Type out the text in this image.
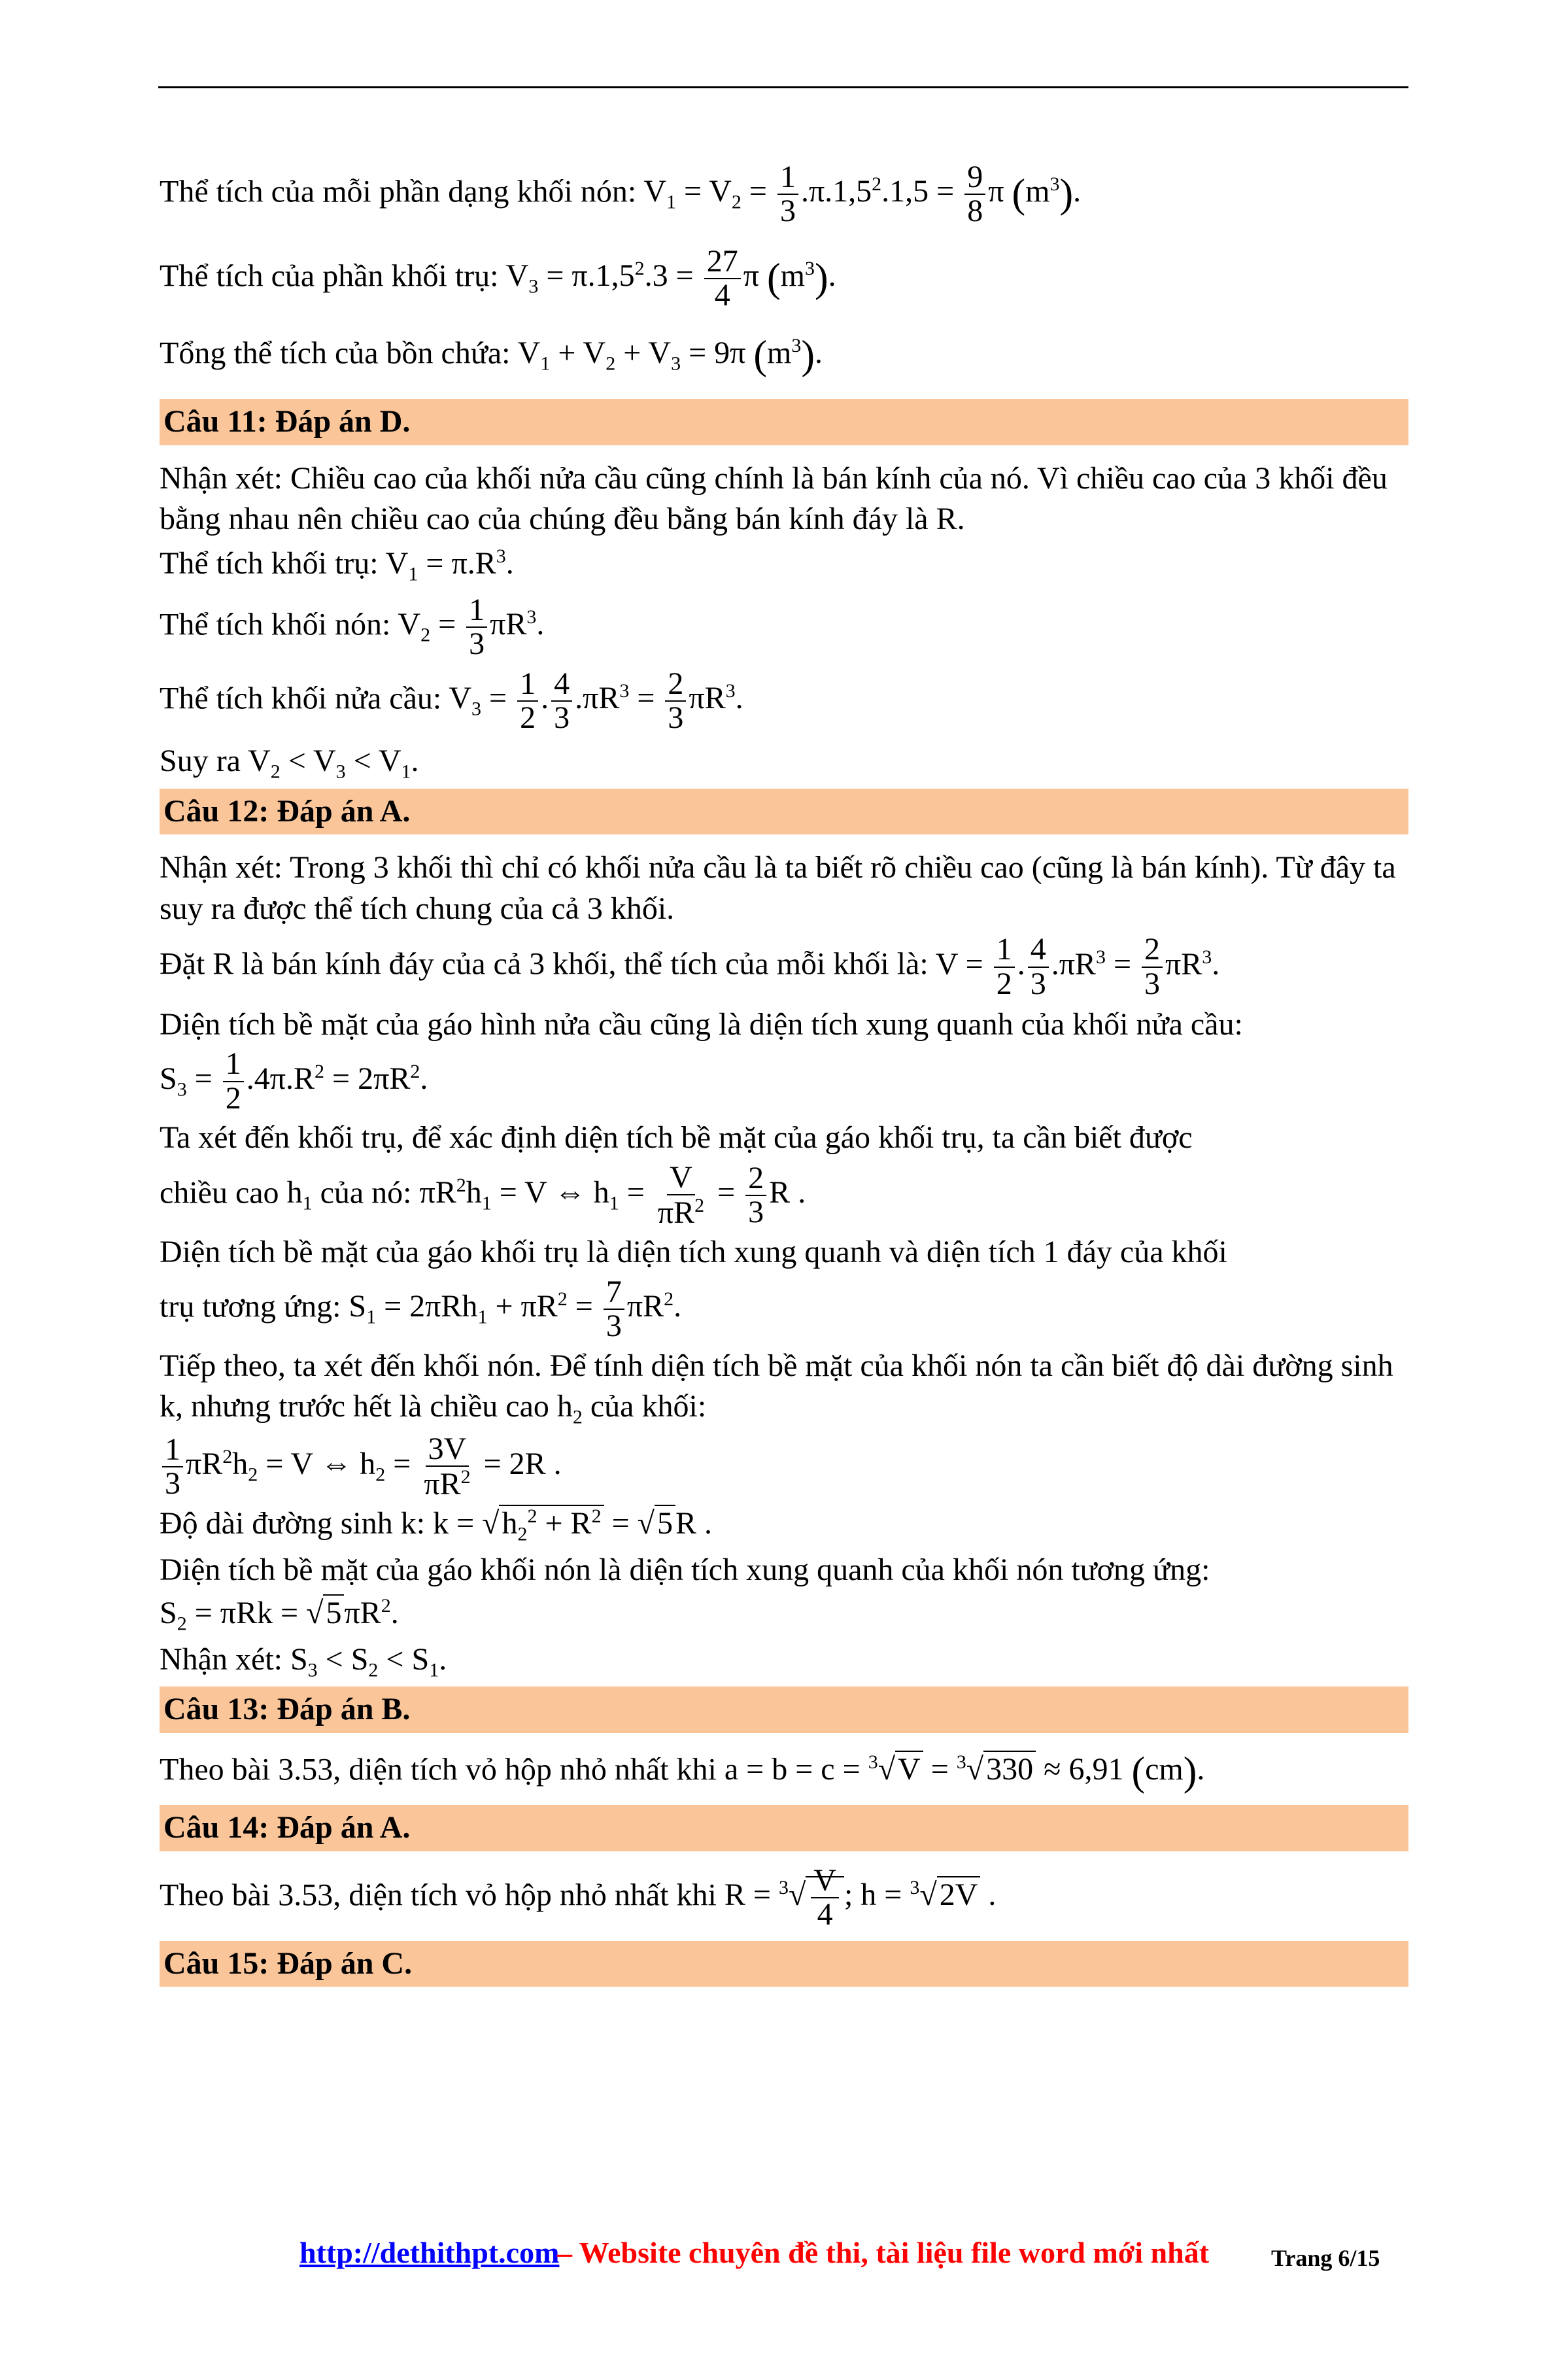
Thể tích của mỗi phần dạng khối nón: $V_1 = V_2 = \frac{1}{3} .\pi.1,5^2.1,5 = \frac{9}{8}$ π $(m^3)$.

Thể tích của phần khối trụ: $V_3 = \pi.1,5^2.3 = \frac{27}{4}$ π $(m^3)$.

Tổng thể tích của bồn chứa: $V_1 + V_2 + V_3 = 9\pi$ $(m^3)$.

Câu 11: Đáp án D.

Nhận xét: Chiều cao của khối nửa cầu cũng chính là bán kính của nó. Vì chiều cao của 3 khối đều bằng nhau nên chiều cao của chúng đều bằng bán kính đáy là R.

Thể tích khối trụ: $V_1 = \pi.R^3$.

Thể tích khối nón: $V_2 = \frac{1}{3} \pi R^3$.

Thể tích khối nửa cầu: $V_3 = \frac{1}{2}$ . $\frac{4}{3} .\pi R^3 = \frac{2}{3} \pi R^3$.

Suy ra $V_2 < V_3 < V_1$.

Câu 12: Đáp án A.

Nhận xét: Trong 3 khối thì chỉ có khối nửa cầu là ta biết rõ chiều cao (cũng là bán kính). Từ đây ta suy ra được thể tích chung của cả 3 khối.

Đặt R là bán kính đáy của cả 3 khối, thể tích của mỗi khối là: $V = \frac{1}{2}$ . $\frac{4}{3} .\pi R^3 = \frac{2}{3} \pi R^3$.

Diện tích bề mặt của gáo hình nửa cầu cũng là diện tích xung quanh của khối nửa cầu:

$S_3 = \frac{1}{2} .4\pi.R^2 = 2\pi R^2$.

Ta xét đến khối trụ, để xác định diện tích bề mặt của gáo khối trụ, ta cần biết được

chiều cao $h_1$ của nó: $\pi R^2h_1 = V$ ⇔ $h_1 = \frac{V}{\pi R^2} = \frac{2}{3}$ R .

Diện tích bề mặt của gáo khối trụ là diện tích xung quanh và diện tích 1 đáy của khối

trụ tương ứng: $S_1 = 2\pi Rh_1 + \pi R^2 = \frac{7}{3} \pi R^2$.

Tiếp theo, ta xét đến khối nón. Để tính diện tích bề mặt của khối nón ta cần biết độ dài đường sinh k, nhưng trước hết là chiều cao $h_2$ của khối:

$\frac{1}{3} \pi R^2h_2 = V$ ⇔ $h_2 = \frac{3V}{\pi R^2} = 2R$ .

Độ dài đường sinh k: $k = √h_2^2 + R^2 = √5R$ .

Diện tích bề mặt của gáo khối nón là diện tích xung quanh của khối nón tương ứng:

$S_2 = \pi Rk = √5\pi R^2$.

Nhận xét: $S_3 < S_2 < S_1$.

Câu 13: Đáp án B.

Theo bài 3.53, diện tích vỏ hộp nhỏ nhất khi a = b = c = $^3$√V = $^3$√330 ≈ 6,91 (cm).

Câu 14: Đáp án A.

Theo bài 3.53, diện tích vỏ hộp nhỏ nhất khi $R = ^3√ \frac{V}{4}$ ; h = $^3$√2V .

Câu 15: Đáp án C.
http://dethithpt.com
– Website chuyên đề thi, tài liệu file word mới nhất	Trang 6/15
